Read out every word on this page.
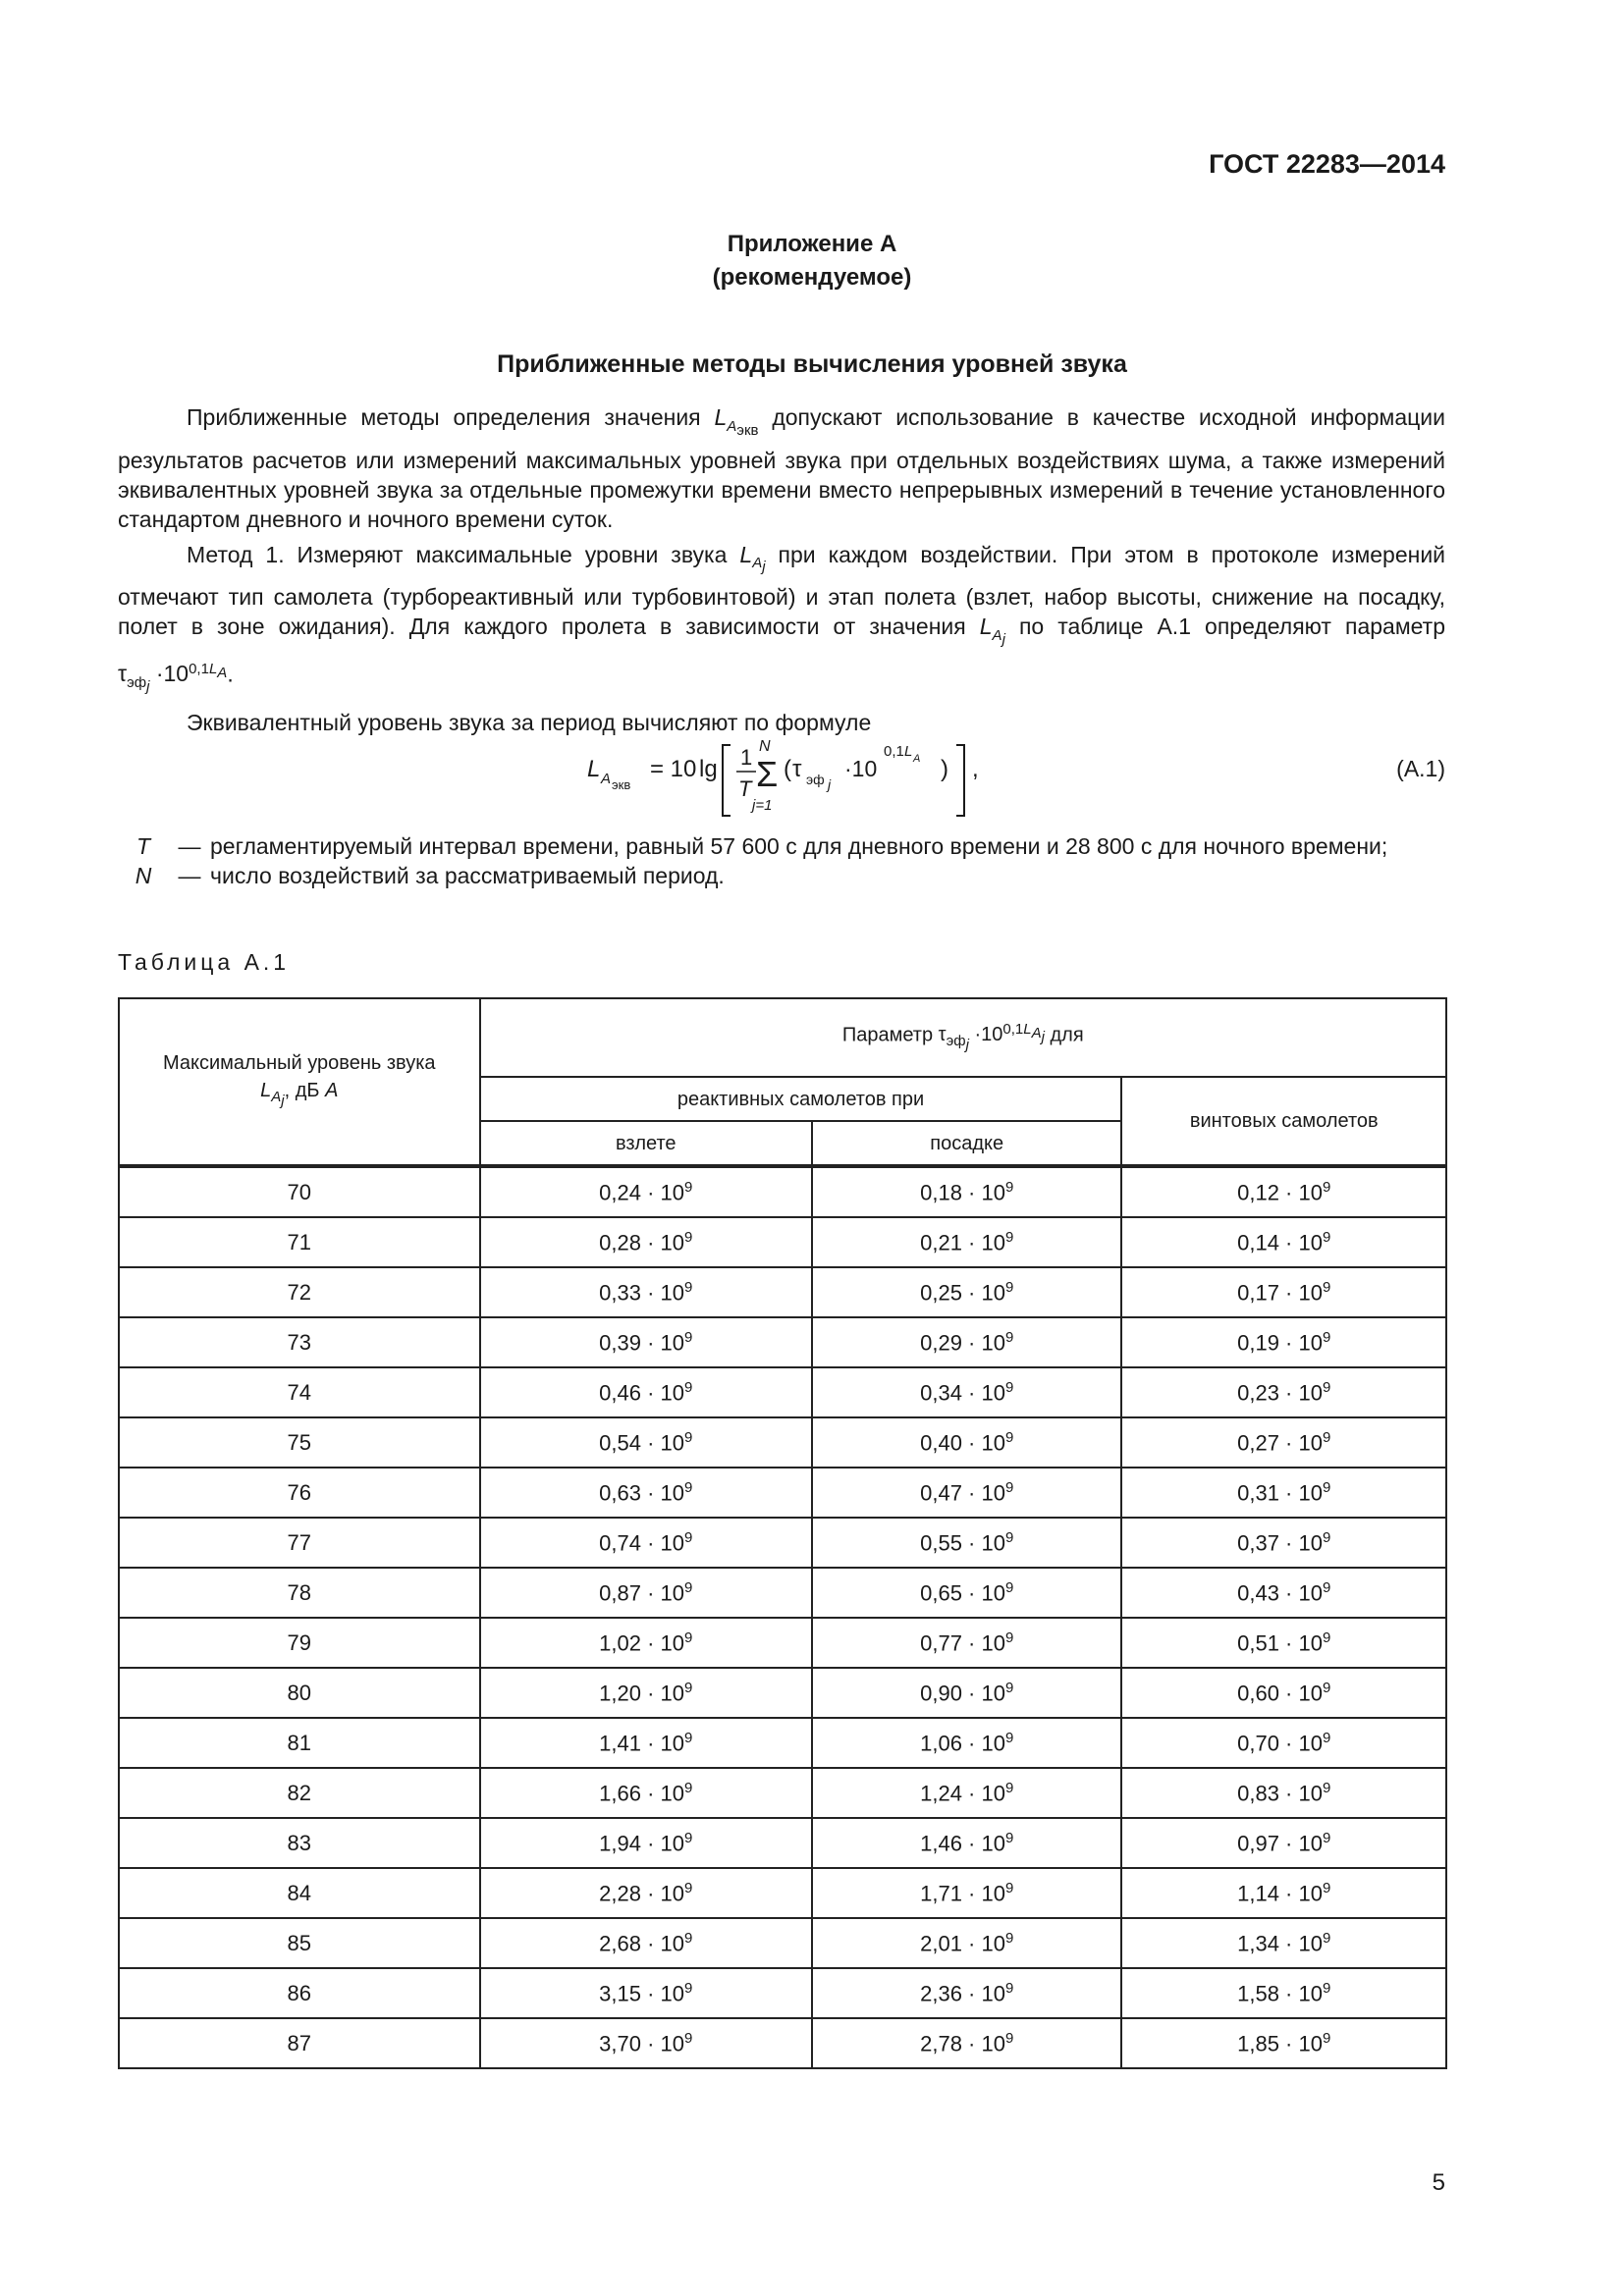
ГОСТ 22283—2014
Приложение А
(рекомендуемое)
Приближенные методы вычисления уровней звука

Приближенные методы определения значения $L_{A_{экв}}$ допускают использование в качестве исходной информации результатов расчетов или измерений максимальных уровней звука при отдельных воздействиях шума, а также измерений эквивалентных уровней звука за отдельные промежутки времени вместо непрерывных измерений в течение установленного стандартом дневного и ночного времени суток.

Метод 1. Измеряют максимальные уровни звука $L_{A_j}$ при каждом воздействии. При этом в протоколе измерений отмечают тип самолета (турбореактивный или турбовинтовой) и этап полета (взлет, набор высоты, снижение на посадку, полет в зоне ожидания). Для каждого пролета в зависимости от значения $L_{A_j}$ по таблице А.1 определяют параметр $\tau_{эф_j} \cdot 10^{0,1L_A}$.

Эквивалентный уровень звука за период вычисляют по формуле

L A экв
= 10 lg 1
T
N
Σ
j=1
( τ эф j
·10
0,1 L A ) ,	(А.1)
T	— регламентируемый интервал времени, равный 57 600 с для дневного времени и 28 800 с для ночного времени;
N	— число воздействий за рассматриваемый период.
Таблица А.1
Максимальный уровень звука
$L_{A_j}$, дБ A	Параметр $\tau_{эф_j} \cdot 10^{0,1L_{A_j}}$ для		
	реактивных самолетов при		винтовых самолетов
	взлете	посадке	
70	$0,24 \cdot 10^9$	$0,18 \cdot 10^9$	$0,12 \cdot 10^9$
71	$0,28 \cdot 10^9$	$0,21 \cdot 10^9$	$0,14 \cdot 10^9$
72	$0,33 \cdot 10^9$	$0,25 \cdot 10^9$	$0,17 \cdot 10^9$
73	$0,39 \cdot 10^9$	$0,29 \cdot 10^9$	$0,19 \cdot 10^9$
74	$0,46 \cdot 10^9$	$0,34 \cdot 10^9$	$0,23 \cdot 10^9$
75	$0,54 \cdot 10^9$	$0,40 \cdot 10^9$	$0,27 \cdot 10^9$
76	$0,63 \cdot 10^9$	$0,47 \cdot 10^9$	$0,31 \cdot 10^9$
77	$0,74 \cdot 10^9$	$0,55 \cdot 10^9$	$0,37 \cdot 10^9$
78	$0,87 \cdot 10^9$	$0,65 \cdot 10^9$	$0,43 \cdot 10^9$
79	$1,02 \cdot 10^9$	$0,77 \cdot 10^9$	$0,51 \cdot 10^9$
80	$1,20 \cdot 10^9$	$0,90 \cdot 10^9$	$0,60 \cdot 10^9$
81	$1,41 \cdot 10^9$	$1,06 \cdot 10^9$	$0,70 \cdot 10^9$
82	$1,66 \cdot 10^9$	$1,24 \cdot 10^9$	$0,83 \cdot 10^9$
83	$1,94 \cdot 10^9$	$1,46 \cdot 10^9$	$0,97 \cdot 10^9$
84	$2,28 \cdot 10^9$	$1,71 \cdot 10^9$	$1,14 \cdot 10^9$
85	$2,68 \cdot 10^9$	$2,01 \cdot 10^9$	$1,34 \cdot 10^9$
86	$3,15 \cdot 10^9$	$2,36 \cdot 10^9$	$1,58 \cdot 10^9$
87	$3,70 \cdot 10^9$	$2,78 \cdot 10^9$	$1,85 \cdot 10^9$
5
